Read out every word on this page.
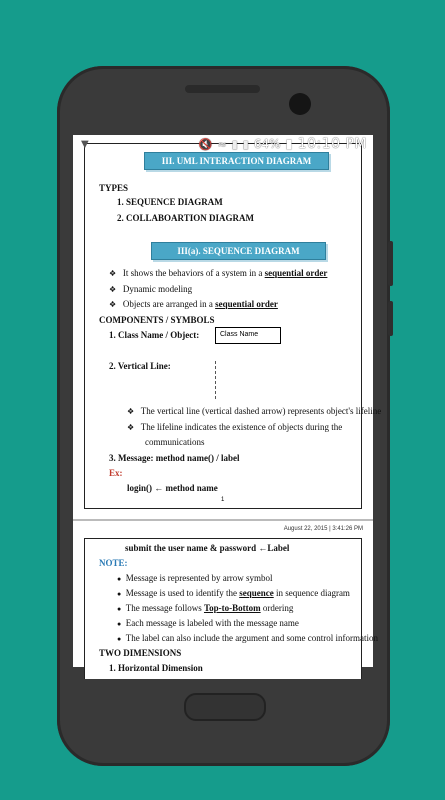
▼	🔇 ≈ ▮ ▮ 64% ▮ 10:10 PM
III. UML INTERACTION DIAGRAM
TYPES
1. SEQUENCE DIAGRAM
2. COLLABOARTION DIAGRAM
III(a). SEQUENCE DIAGRAM
❖ It shows the behaviors of a system in a sequential order
❖ Dynamic modeling
❖ Objects are arranged in a sequential order
COMPONENTS / SYMBOLS
1. Class Name / Object:	Class Name
2. Vertical Line:
❖ The vertical line (vertical dashed arrow) represents object's lifeline
❖ The lifeline indicates the existence of objects during the
communications
3. Message: method name() / label
Ex:
login() ← method name
1
August 22, 2015 | 3:41:26 PM
submit the user name & password ←Label
NOTE:
● Message is represented by arrow symbol
● Message is used to identify the sequence in sequence diagram
● The message follows Top-to-Bottom ordering
● Each message is labeled with the message name
● The label can also include the argument and some control information
TWO DIMENSIONS
1. Horizontal Dimension
